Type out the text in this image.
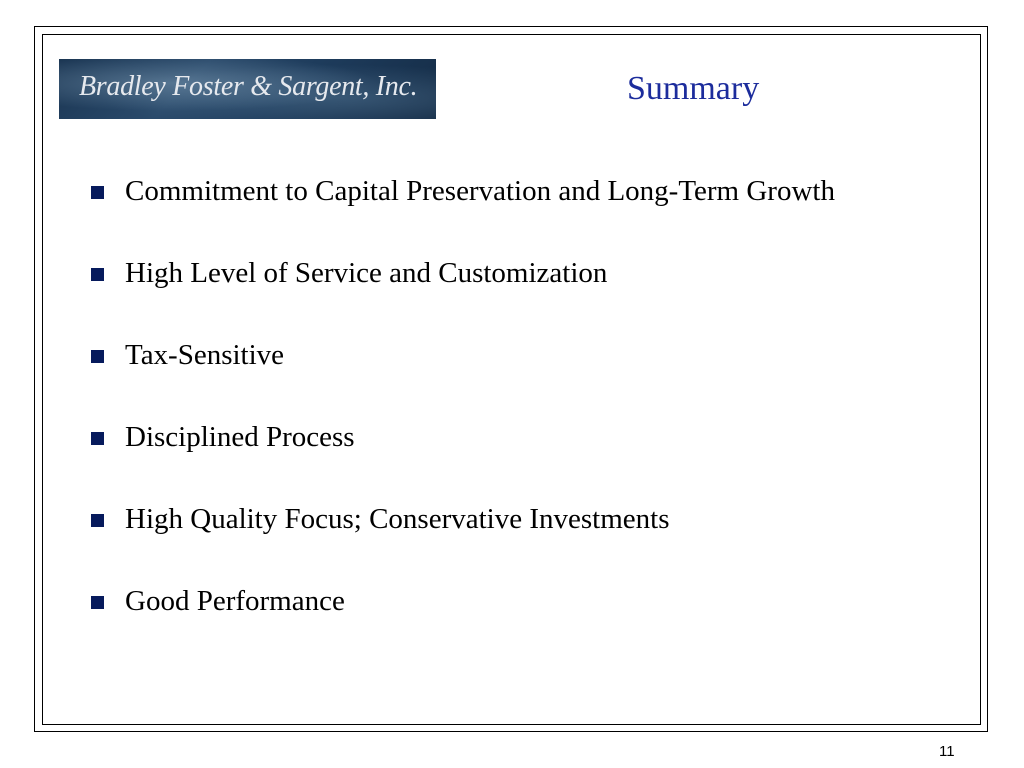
Bradley Foster & Sargent, Inc.	Summary
Commitment to Capital Preservation and Long-Term Growth
High Level of Service and Customization
Tax-Sensitive
Disciplined Process
High Quality Focus; Conservative Investments
Good Performance
11
